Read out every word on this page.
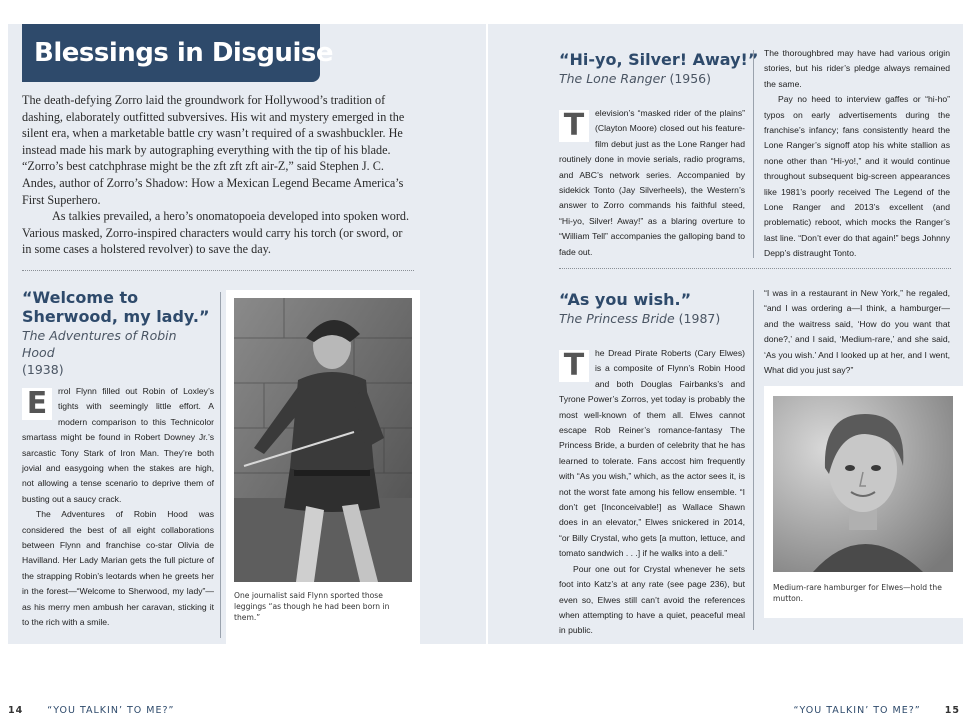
Blessings in Disguise

The death-defying Zorro laid the groundwork for Hollywood’s tradition of dashing, elaborately outfitted subversives. His wit and mystery emerged in the silent era, when a marketable battle cry wasn’t required of a swashbuckler. He instead made his mark by autographing everything with the tip of his blade. “Zorro’s best catchphrase might be the zft zft zft air-Z,” said Stephen J. C. Andes, author of Zorro’s Shadow: How a Mexican Legend Became America’s First Superhero.

As talkies prevailed, a hero’s onomatopoeia developed into spoken word. Various masked, Zorro-inspired characters would carry his torch (or sword, or in some cases a holstered revolver) to save the day.

“Welcome to Sherwood, my lady.”
The Adventures of Robin Hood
(1938)
E	rrol Flynn filled out Robin of Loxley’s tights with seemingly little effort. A modern comparison to this Technicolor smartass might be found in Robert Downey Jr.’s sarcastic Tony Stark of Iron Man. They’re both jovial and easygoing when the stakes are high, not allowing a tense scenario to deprive them of busting out a saucy crack.

The Adventures of Robin Hood was considered the best of all eight collaborations between Flynn and franchise co-star Olivia de Havilland. Her Lady Marian gets the full picture of the strapping Robin’s leotards when he greets her in the forest—“Welcome to Sherwood, my lady”—as his merry men ambush her caravan, sticking it to the rich with a smile.

One journalist said Flynn sported those leggings “as though he had been born in them.”
“Hi-yo, Silver! Away!”
The Lone Ranger (1956)
T	elevision’s “masked rider of the plains” (Clayton Moore) closed out his feature-film debut just as the Lone Ranger had routinely done in movie serials, radio programs, and ABC’s network series. Accompanied by sidekick Tonto (Jay Silverheels), the Western’s answer to Zorro commands his faithful steed, “Hi-yo, Silver! Away!” as a blaring overture to “William Tell” accompanies the galloping band to fade out.

The thoroughbred may have had various origin stories, but his rider’s pledge always remained the same.

Pay no heed to interview gaffes or “hi-ho” typos on early advertisements during the franchise’s infancy; fans consistently heard the Lone Ranger’s signoff atop his white stallion as none other than “Hi-yo!,” and it would continue throughout subsequent big-screen appearances like 1981’s poorly received The Legend of the Lone Ranger and 2013’s excellent (and problematic) reboot, which mocks the Ranger’s last line. “Don’t ever do that again!” begs Johnny Depp’s distraught Tonto.

“As you wish.”
The Princess Bride (1987)
T	he Dread Pirate Roberts (Cary Elwes) is a composite of Flynn’s Robin Hood and both Douglas Fairbanks’s and Tyrone Power’s Zorros, yet today is probably the most well-known of them all. Elwes cannot escape Rob Reiner’s romance-fantasy The Princess Bride, a burden of celebrity that he has learned to tolerate. Fans accost him frequently with “As you wish,” which, as the actor sees it, is not the worst fate among his fellow ensemble. “I don’t get [Inconceivable!] as Wallace Shawn does in an elevator,” Elwes snickered in 2014, “or Billy Crystal, who gets [a mutton, lettuce, and tomato sandwich . . .] if he walks into a deli.”

Pour one out for Crystal whenever he sets foot into Katz’s at any rate (see page 236), but even so, Elwes still can’t avoid the references when attempting to have a quiet, peaceful meal in public.

“I was in a restaurant in New York,” he regaled, “and I was ordering a—I think, a hamburger—and the waitress said, ‘How do you want that done?,’ and I said, ‘Medium-rare,’ and she said, ‘As you wish.’ And I looked up at her, and I went, What did you just say?”

Medium-rare hamburger for Elwes—hold the mutton.
14	“YOU TALKIN’ TO ME?”	“YOU TALKIN’ TO ME?”	15
